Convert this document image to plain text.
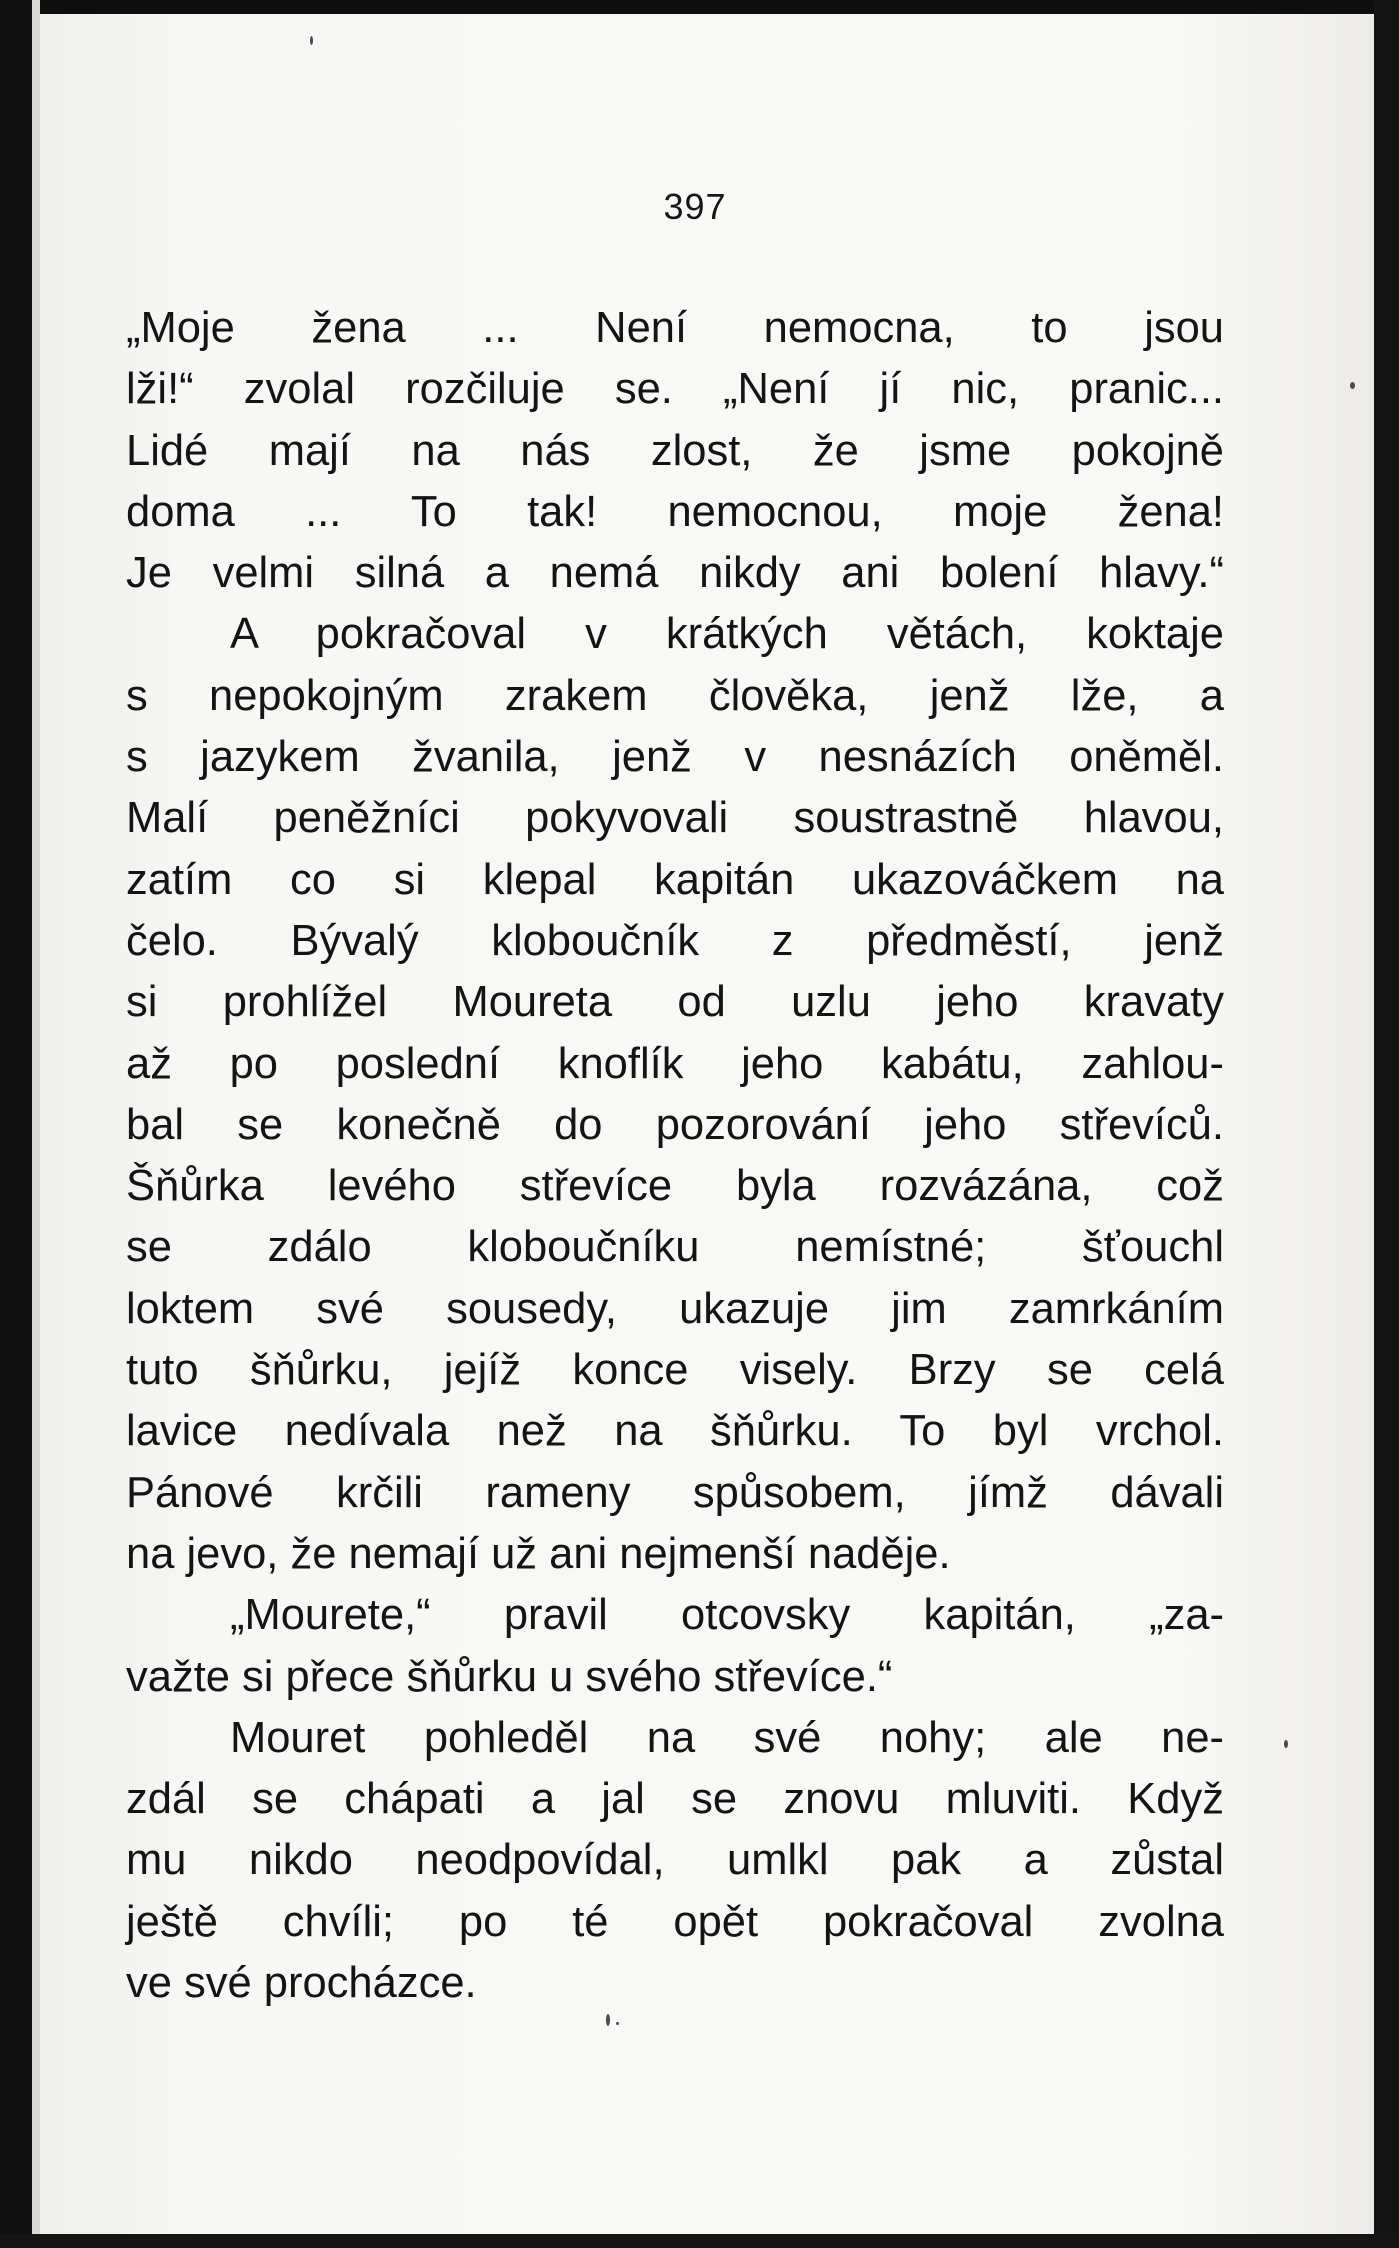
397
„Moje žena ... Není nemocna, to jsou
lži!“ zvolal rozčiluje se. „Není jí nic, pranic...
Lidé mají na nás zlost, že jsme pokojně
doma ... To tak! nemocnou, moje žena!
Je velmi silná a nemá nikdy ani bolení hlavy.“
A pokračoval v krátkých větách, koktaje
s nepokojným zrakem člověka, jenž lže, a
s jazykem žvanila, jenž v nesnázích oněměl.
Malí peněžníci pokyvovali soustrastně hlavou,
zatím co si klepal kapitán ukazováčkem na
čelo. Bývalý kloboučník z předměstí, jenž
si prohlížel Moureta od uzlu jeho kravaty
až po poslední knoflík jeho kabátu, zahlou-
bal se konečně do pozorování jeho střevíců.
Šňůrka levého střevíce byla rozvázána, což
se zdálo kloboučníku nemístné; šťouchl
loktem své sousedy, ukazuje jim zamrkáním
tuto šňůrku, jejíž konce visely. Brzy se celá
lavice nedívala než na šňůrku. To byl vrchol.
Pánové krčili rameny spůsobem, jímž dávali
na jevo, že nemají už ani nejmenší naděje.
„Mourete,“ pravil otcovsky kapitán, „za-
važte si přece šňůrku u svého střevíce.“
Mouret pohleděl na své nohy; ale ne-
zdál se chápati a jal se znovu mluviti. Když
mu nikdo neodpovídal, umlkl pak a zůstal
ještě chvíli; po té opět pokračoval zvolna
ve své procházce.
